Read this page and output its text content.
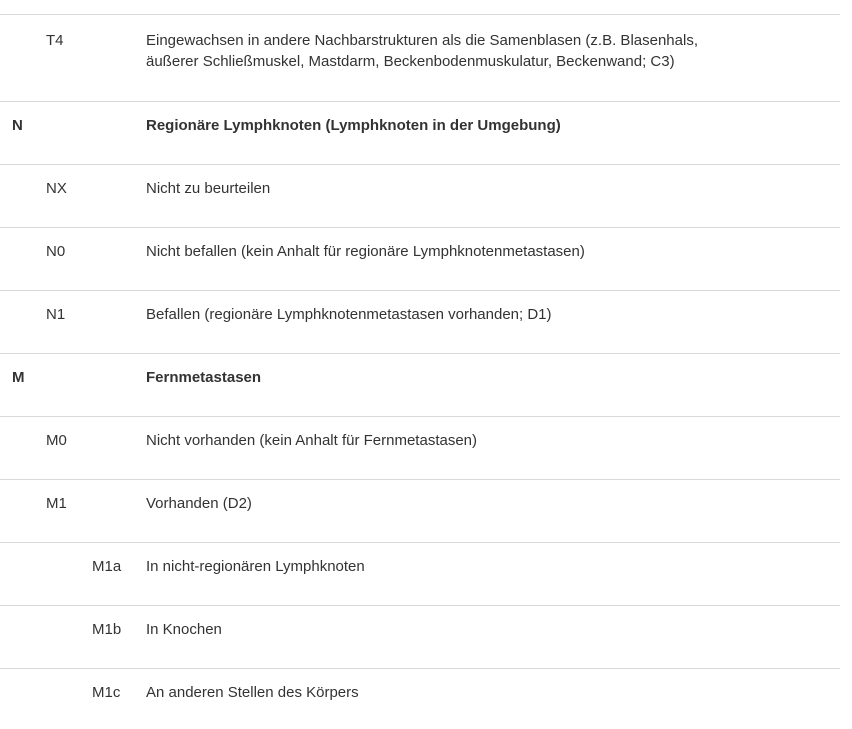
T4	Eingewachsen in andere Nachbarstrukturen als die Samenblasen (z.B. Blasenhals,
äußerer Schließmuskel, Mastdarm, Beckenbodenmuskulatur, Beckenwand; C3)
N	Regionäre Lymphknoten (Lymphknoten in der Umgebung)
NX	Nicht zu beurteilen
N0	Nicht befallen (kein Anhalt für regionäre Lymphknotenmetastasen)
N1	Befallen (regionäre Lymphknotenmetastasen vorhanden; D1)
M	Fernmetastasen
M0	Nicht vorhanden (kein Anhalt für Fernmetastasen)
M1	Vorhanden (D2)
M1a In nicht-regionären Lymphknoten
M1b In Knochen
M1c An anderen Stellen des Körpers
